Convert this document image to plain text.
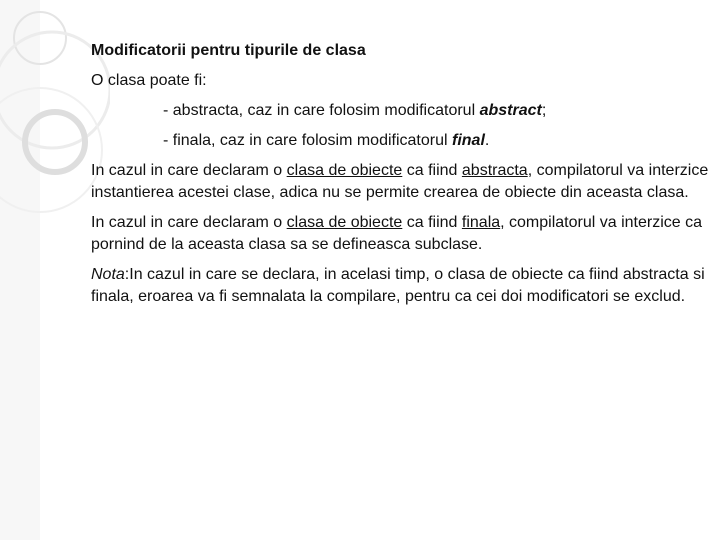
Modificatorii pentru tipurile de clasa
O clasa poate fi:
- abstracta, caz in care folosim modificatorul abstract;
- finala, caz in care folosim modificatorul final.
In cazul in care declaram o clasa de obiecte ca fiind abstracta, compilatorul va interzice instantierea acestei clase, adica nu se permite crearea de obiecte din aceasta clasa.
In cazul in care declaram o clasa de obiecte ca fiind finala, compilatorul va interzice ca pornind de la aceasta clasa sa se defineasca subclase.
Nota:In cazul in care se declara, in acelasi timp, o clasa de obiecte ca fiind abstracta si finala, eroarea va fi semnalata la compilare, pentru ca cei doi modificatori se exclud.
